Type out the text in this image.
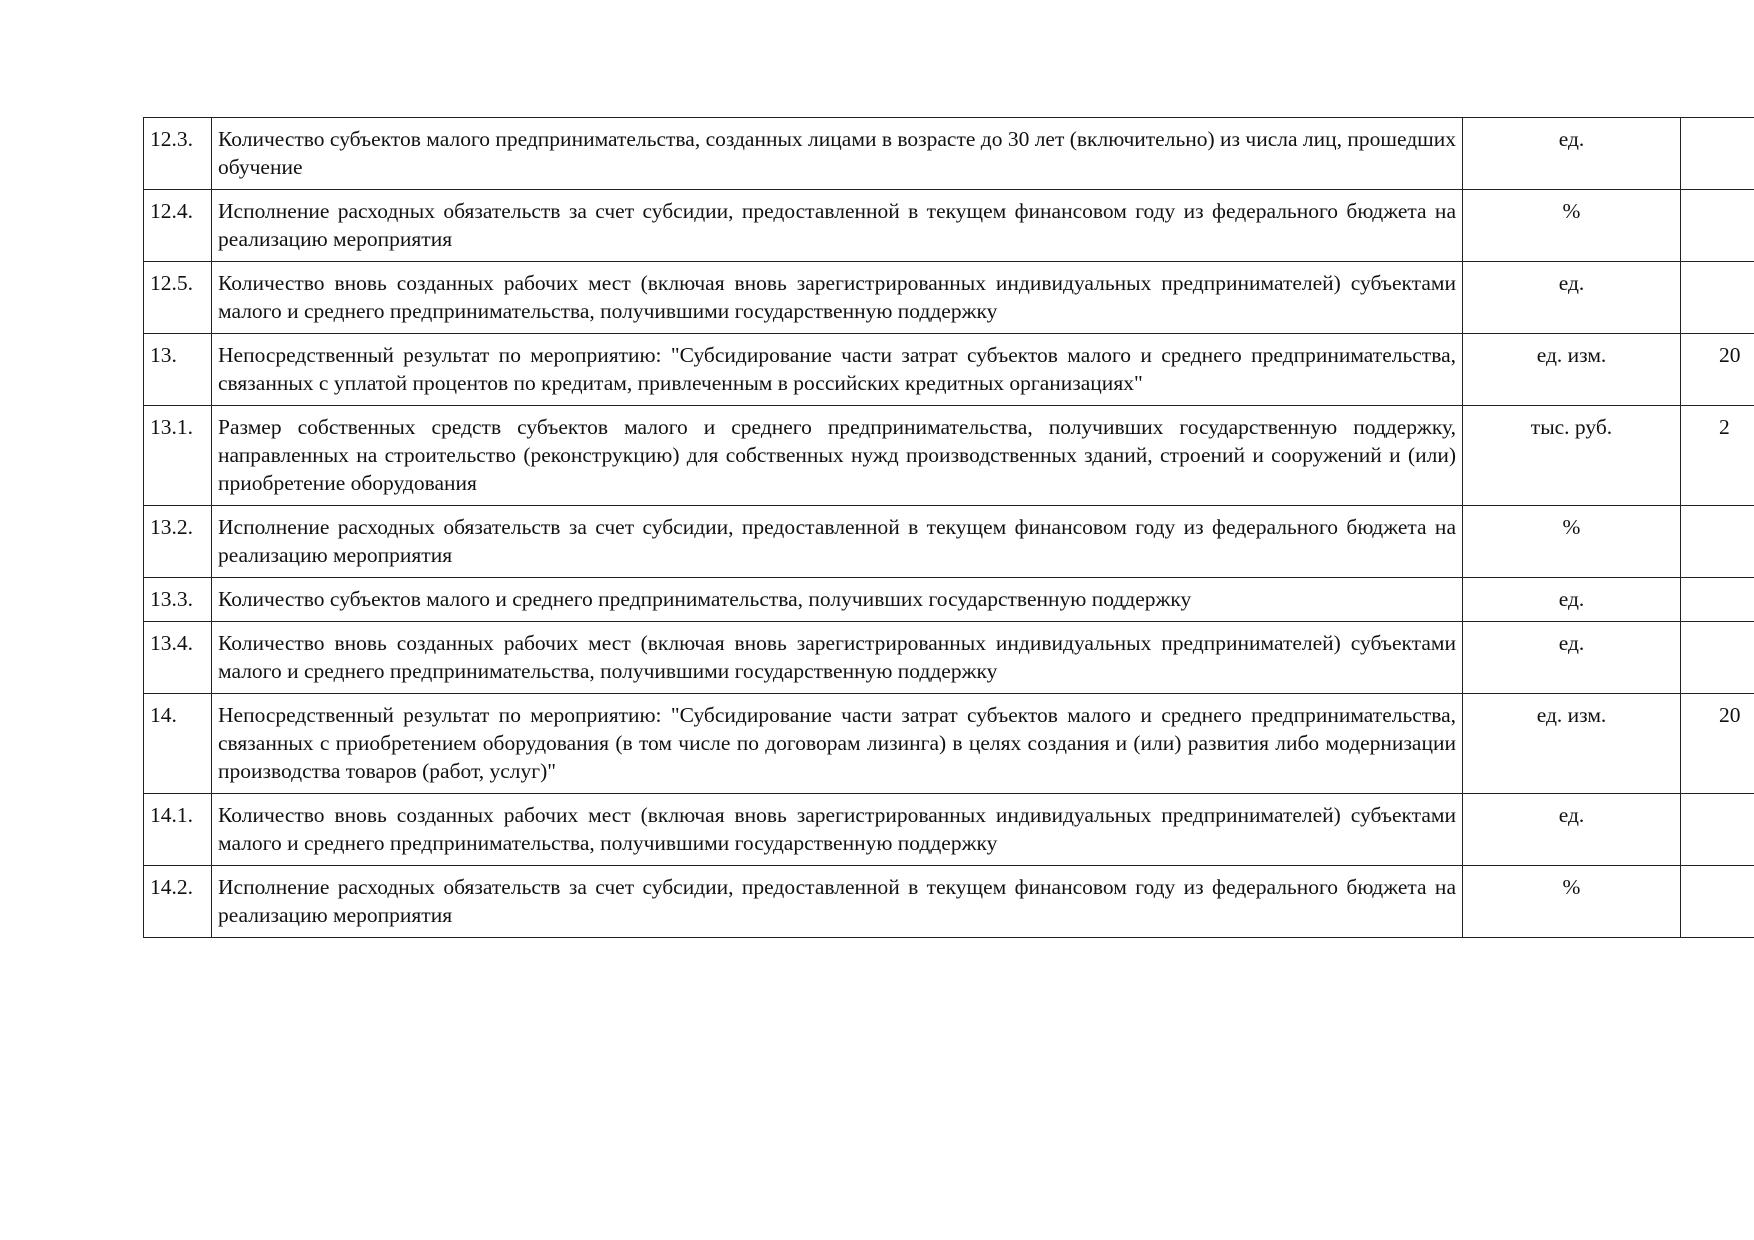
12.3.	Количество субъектов малого предпринимательства, созданных лицами в возрасте до 30 лет (включительно) из числа лиц, прошедших обучение	ед.	
12.4.	Исполнение расходных обязательств за счет субсидии, предоставленной в текущем финансовом году из федерального бюджета на реализацию мероприятия	%	
12.5.	Количество вновь созданных рабочих мест (включая вновь зарегистрированных индивидуальных предпринимателей) субъектами малого и среднего предпринимательства, получившими государственную поддержку	ед.	
13.	Непосредственный результат по мероприятию: "Субсидирование части затрат субъектов малого и среднего предпринимательства, связанных с уплатой процентов по кредитам, привлеченным в российских кредитных организациях"	ед. изм.	20
13.1.	Размер собственных средств субъектов малого и среднего предпринимательства, получивших государственную поддержку, направленных на строительство (реконструкцию) для собственных нужд производственных зданий, строений и сооружений и (или) приобретение оборудования	тыс. руб.	2
13.2.	Исполнение расходных обязательств за счет субсидии, предоставленной в текущем финансовом году из федерального бюджета на реализацию мероприятия	%	
13.3.	Количество субъектов малого и среднего предпринимательства, получивших государственную поддержку	ед.	
13.4.	Количество вновь созданных рабочих мест (включая вновь зарегистрированных индивидуальных предпринимателей) субъектами малого и среднего предпринимательства, получившими государственную поддержку	ед.	
14.	Непосредственный результат по мероприятию: "Субсидирование части затрат субъектов малого и среднего предпринимательства, связанных с приобретением оборудования (в том числе по договорам лизинга) в целях создания и (или) развития либо модернизации производства товаров (работ, услуг)"	ед. изм.	20
14.1.	Количество вновь созданных рабочих мест (включая вновь зарегистрированных индивидуальных предпринимателей) субъектами малого и среднего предпринимательства, получившими государственную поддержку	ед.	
14.2.	Исполнение расходных обязательств за счет субсидии, предоставленной в текущем финансовом году из федерального бюджета на реализацию мероприятия	%	
